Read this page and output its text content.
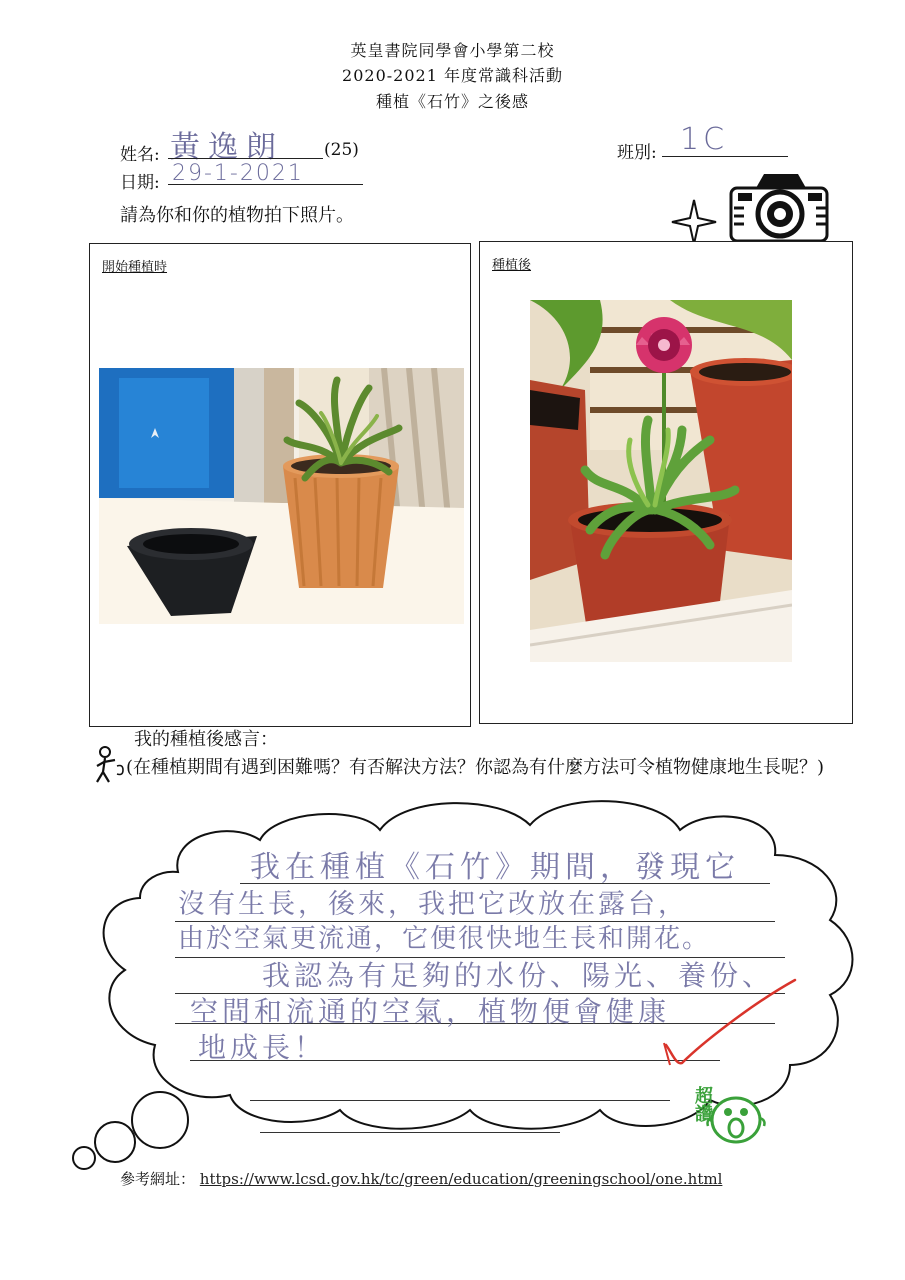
英皇書院同學會小學第二校
2020-2021 年度常識科活動
種植《石竹》之後感
姓名: 黃逸朗 (25)	班別: 1C
日期: 29-1-2021
請為你和你的植物拍下照片。
開始種植時	種植後
我的種植後感言：
(在種植期間有遇到困難嗎？有否解決方法？你認為有什麼方法可令植物健康地生長呢？)
我在種植《石竹》期間，發現它
沒有生長，後來，我把它改放在露台，
由於空氣更流通，它便很快地生長和開花。
我認為有足夠的水份、陽光、養份、
空間和流通的空氣，植物便會健康
地成長！
超讚
參考網址： https://www.lcsd.gov.hk/tc/green/education/greeningschool/one.html
